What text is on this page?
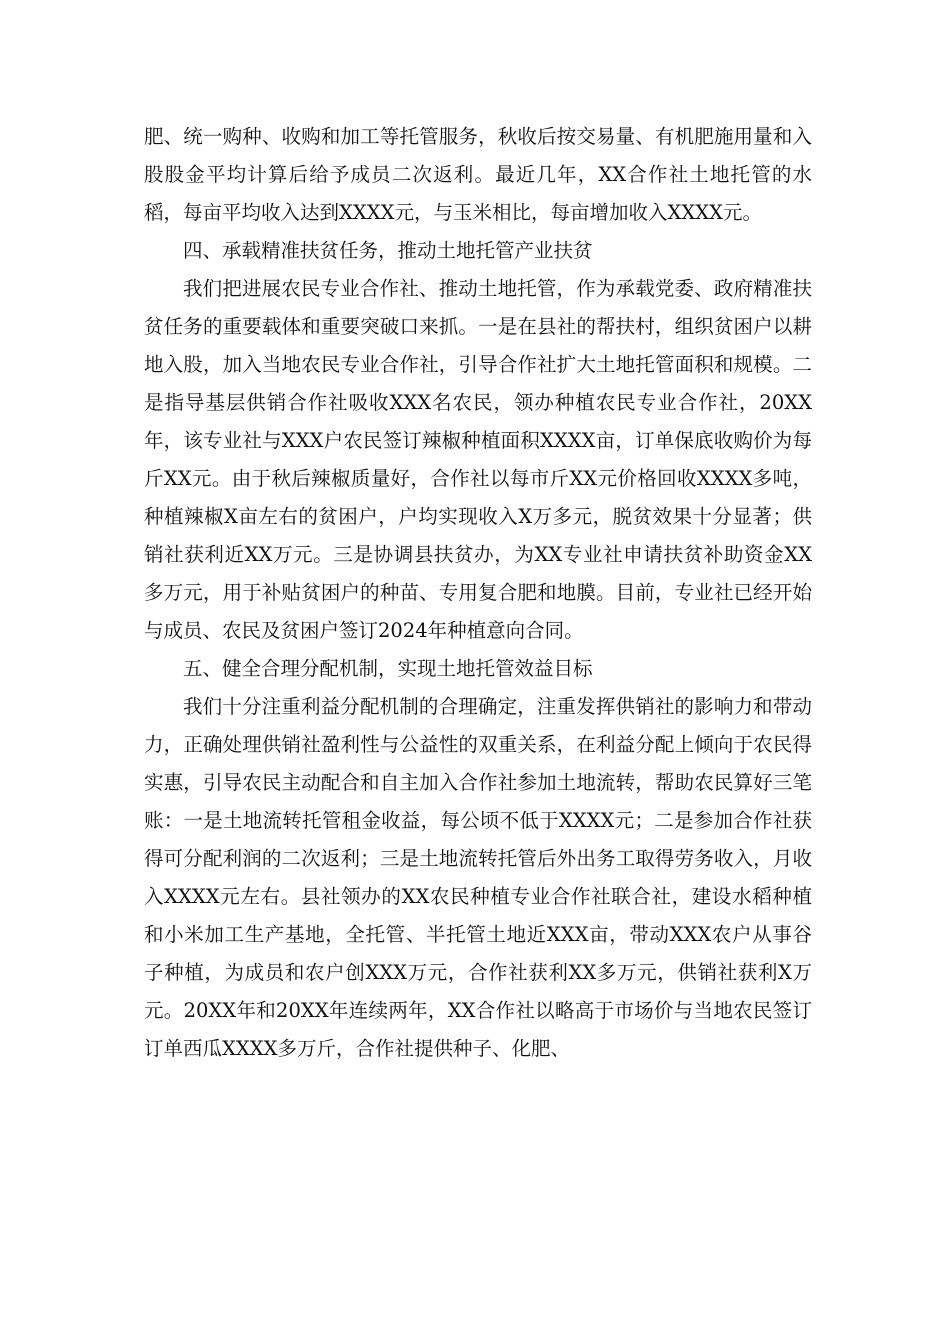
肥、统一购种、收购和加工等托管服务，秋收后按交易量、有机肥施用量和入股股金平均计算后给予成员二次返利。最近几年，XX合作社土地托管的水稻，每亩平均收入达到XXXX元，与玉米相比，每亩增加收入XXXX元。

四、承载精准扶贫任务，推动土地托管产业扶贫

我们把进展农民专业合作社、推动土地托管，作为承载党委、政府精准扶贫任务的重要载体和重要突破口来抓。一是在县社的帮扶村，组织贫困户以耕地入股，加入当地农民专业合作社，引导合作社扩大土地托管面积和规模。二是指导基层供销合作社吸收XXX名农民，领办种植农民专业合作社，20XX年，该专业社与XXX户农民签订辣椒种植面积XXXX亩，订单保底收购价为每斤XX元。由于秋后辣椒质量好，合作社以每市斤XX元价格回收XXXX多吨，种植辣椒X亩左右的贫困户，户均实现收入X万多元，脱贫效果十分显著；供销社获利近XX万元。三是协调县扶贫办，为XX专业社申请扶贫补助资金XX多万元，用于补贴贫困户的种苗、专用复合肥和地膜。目前，专业社已经开始与成员、农民及贫困户签订2024年种植意向合同。

五、健全合理分配机制，实现土地托管效益目标

我们十分注重利益分配机制的合理确定，注重发挥供销社的影响力和带动力，正确处理供销社盈利性与公益性的双重关系，在利益分配上倾向于农民得实惠，引导农民主动配合和自主加入合作社参加土地流转，帮助农民算好三笔账：一是土地流转托管租金收益，每公顷不低于XXXX元；二是参加合作社获得可分配利润的二次返利；三是土地流转托管后外出务工取得劳务收入，月收入XXXX元左右。县社领办的XX农民种植专业合作社联合社，建设水稻种植和小米加工生产基地，全托管、半托管土地近XXX亩，带动XXX农户从事谷子种植，为成员和农户创XXX万元，合作社获利XX多万元，供销社获利X万元。20XX年和20XX年连续两年，XX合作社以略高于市场价与当地农民签订订单西瓜XXXX多万斤，合作社提供种子、化肥、
